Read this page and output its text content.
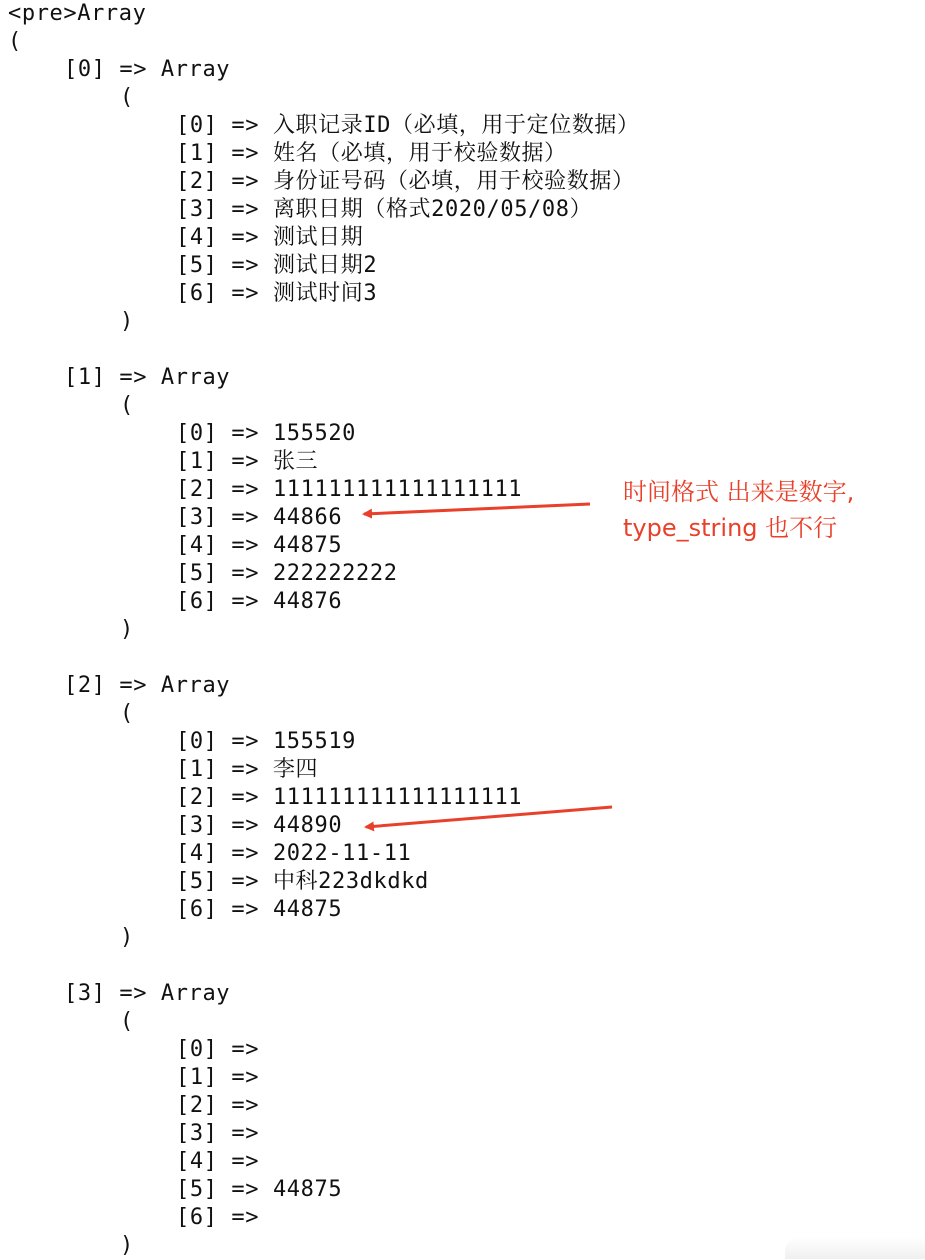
<pre>Array
(
[0] => Array
(
[0] => 入职记录ID（必填，用于定位数据）
[1] => 姓名（必填，用于校验数据）
[2] => 身份证号码（必填，用于校验数据）
[3] => 离职日期（格式2020/05/08）
[4] => 测试日期
[5] => 测试日期2
[6] => 测试时间3
)
[1] => Array
(
[0] => 155520
[1] => 张三
[2] => 111111111111111111
[3] => 44866
[4] => 44875
[5] => 222222222
[6] => 44876
)
[2] => Array
(
[0] => 155519
[1] => 李四
[2] => 111111111111111111
[3] => 44890
[4] => 2022-11-11
[5] => 中科223dkdkd
[6] => 44875
)
[3] => Array
(
[0] =>
[1] =>
[2] =>
[3] =>
[4] =>
[5] => 44875
[6] =>
)
时间格式 出来是数字,
type_string 也不行
